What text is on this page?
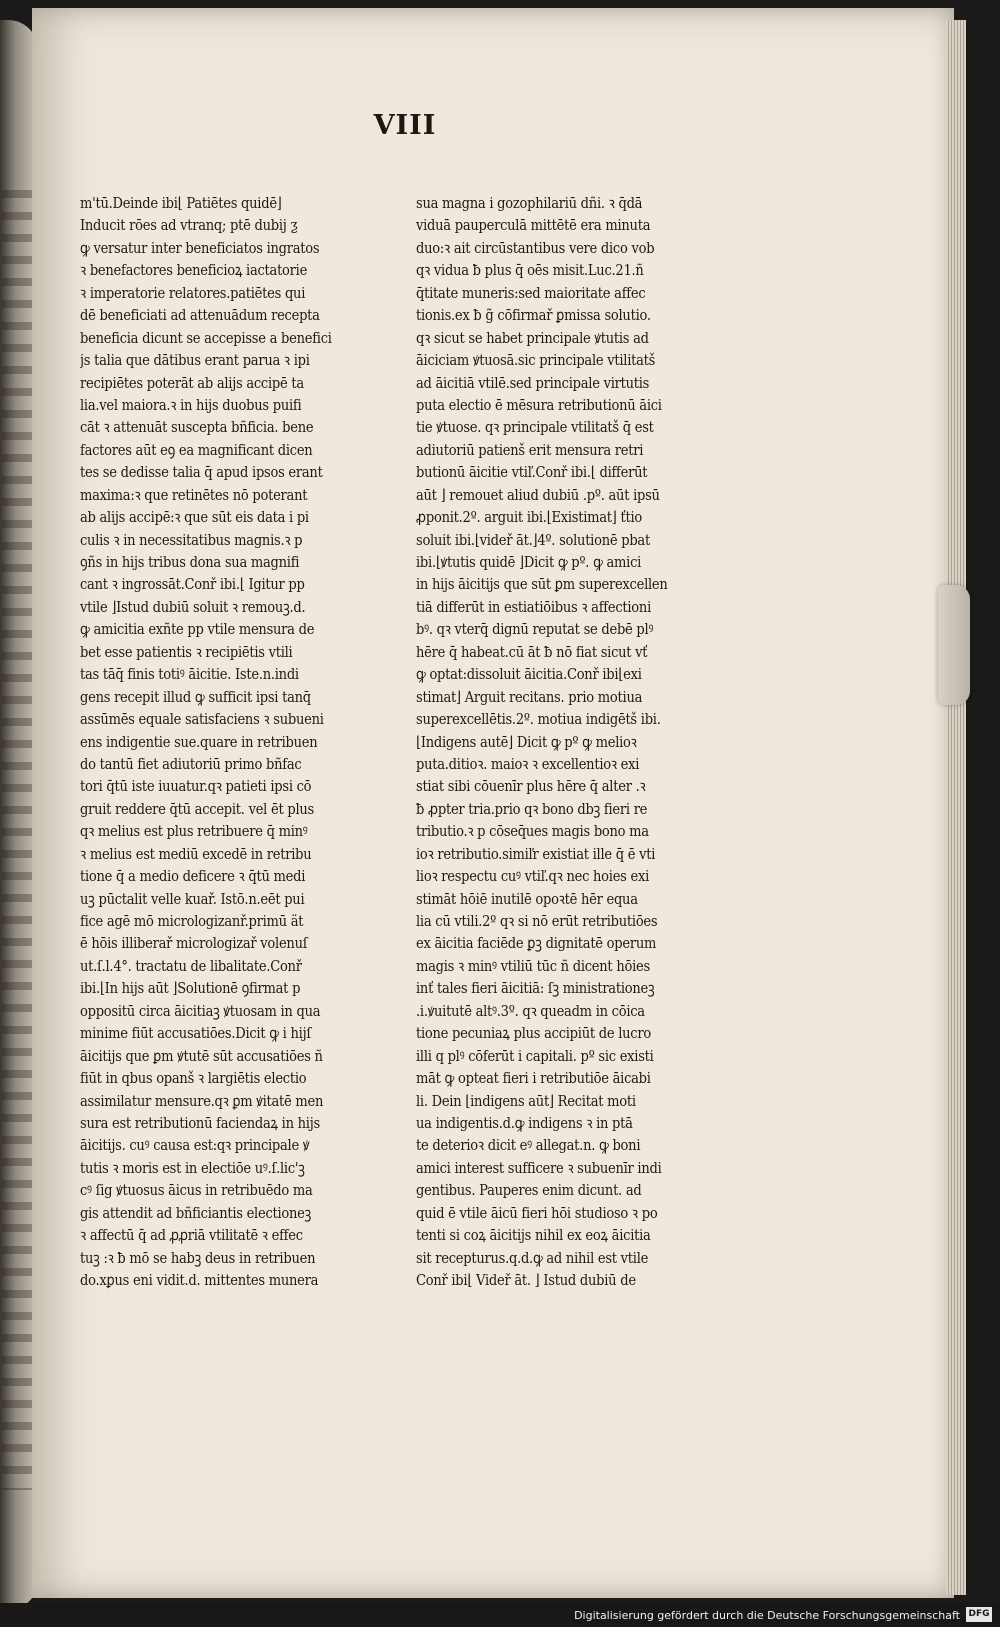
VIII
m'tū.Deinde ibi⌊ Patiētes quidē⌋
Inducit rōes ad vtranq; ptē dubij ƺ
ꝙ versatur inter beneficiatos ingratos
ꝛ benefactores beneficioꝝ iactatorie
ꝛ imperatorie relatores.patiētes qui
dē beneficiati ad attenuādum recepta
beneficia dicunt se accepisse a benefici
js talia que dātibus erant parua ꝛ ipi
recipiētes poterāt ab alijs accipē ta
lia.vel maiora.ꝛ in hijs duobus puifi
cāt ꝛ attenuāt suscepta bñficia. bene
factores aūt eꝯ ea magnificant dicen
tes se dedisse talia q̄ apud ipsos erant
maxima:ꝛ que retinētes nō poterant
ab alijs accipē:ꝛ que sūt eis data i pi
culis ꝛ in necessitatibus magnis.ꝛ p
ꝯñs in hijs tribus dona sua magnifi
cant ꝛ ingrossāt.Conř ibi.⌊ Igitur pp
vtile ⌋Istud dubiū soluit ꝛ remouꝫ.d.
ꝙ amicitia exñte pp vtile mensura de
bet esse patientis ꝛ recipiētis vtili
tas tāq̄ finis totiꝰ āicitie. Iste.n.indi
gens recepit illud ꝙ sufficit ipsi tanq̄
assūmēs equale satisfaciens ꝛ subueni
ens indigentie sue.quare in retribuen
do tantū fiet adiutoriū primo bñfac
tori q̄tū iste iuuatur.qꝛ patieti ipsi cō
gruit reddere q̄tū accepit. vel ēt plus
qꝛ melius est plus retribuere q̄ minꝰ
ꝛ melius est mediū excedē in retribu
tione q̄ a medio deficere ꝛ q̄tū medi
uꝫ pūctalit velle kuař. Istō.n.eēt pui
fice agē mō micrologizanř.primū ät
ē hōis illiberař micrologizař volenuſ
ut.ſ.l.4°. tractatu de libalitate.Conř
ibi.⌊In hijs aūt ⌋Solutionē ꝯfirmat p
oppositū circa āicitiaꝫ ꝟtuosam in qua
minime fiūt accusatiōes.Dicit ꝙ i hijſ
āicitijs que ꝑm ꝟtutē sūt accusatiōes ñ
fiūt in qbus opanš ꝛ largiētis electio
assimilatur mensure.qꝛ ꝑm ꝟitatē men
sura est retributionū faciendaꝝ in hijs
āicitijs. cuꝰ causa est:qꝛ principale ꝟ
tutis ꝛ moris est in electiōe uꝰ.ſ.lic'ꝫ
cꝰ ſig ꝟtuosus āicus in retribuēdo ma
gis attendit ad bñficiantis electioneꝫ
ꝛ affectū q̄ ad ꝓꝓriā vtilitatē ꝛ effec
tuꝫ :ꝛ ƀ mō se habꝫ deus in retribuen
do.xꝑus eni vidit.d. mittentes munera
sua magna i gozophilariū dñi. ꝛ q̄dā
viduā pauperculā mittētē era minuta
duo:ꝛ ait circūstantibus vere dico vob
qꝛ vidua ƀ plus q̄ oēs misit.Luc.21.ñ
q̄titate muneris:sed maioritate affec
tionis.ex ƀ g̃ cōfirmař ꝑmissa solutio.
qꝛ sicut se habet principale ꝟtutis ad
āiciciam ꝟtuosā.sic principale vtilitatš
ad āicitiā vtilē.sed principale virtutis
puta electio ē mēsura retributionū āici
tie ꝟtuose. qꝛ principale vtilitatš q̄ est
adiutoriū patienš erit mensura retri
butionū āicitie vtiľ.Conř ibi.⌊ differūt
aūt ⌋ remouet aliud dubiū .pº. aūt ipsū
ꝓponit.2º. arguit ibi.⌊Existimat⌋ ťtio
soluit ibi.⌊videř āt.⌋4º. solutionē pbat
ibi.⌊ꝟtutis quidē ⌋Dicit ꝙ pº. ꝙ amici
in hijs āicitijs que sūt ꝑm superexcellen
tiā differūt in estiatiōibus ꝛ affectioni
bꝰ. qꝛ vterq̄ dignū reputat se debē plꝰ
hēre q̄ habeat.cū āt ƀ nō fiat sicut vť
ꝙ optat:dissoluit āicitia.Conř ibi⌊exi
stimat⌋ Arguit recitans. prio motiua
superexcellētis.2º. motiua indigētš ibi.
⌊Indigens autē⌋ Dicit ꝙ pº ꝙ melioꝛ
puta.ditioꝛ. maioꝛ ꝛ excellentioꝛ exi
stiat sibi cōuenīr plus hēre q̄ alter .ꝛ
ƀ ꝓpter tria.prio qꝛ bono dbꝫ fieri re
tributio.ꝛ p cōseq̄ues magis bono ma
ioꝛ retributio.simiľr existiat ille q̄ ē vti
lioꝛ respectu cuꝰ vtiľ.qꝛ nec hoies exi
stimāt hōiē inutilē opoꝛtē hēr equa
lia cū vtili.2º qꝛ si nō erūt retributiōes
ex āicitia faciēde ꝑꝫ dignitatē operum
magis ꝛ minꝰ vtiliū tūc ñ dicent hōies
inť tales fieri āicitiā: ſꝫ ministrationeꝫ
.i.ꝟuitutē altꝰ.3º. qꝛ queadm in cōica
tione pecuniaꝝ plus accipiūt de lucro
illi q plꝰ cōferūt i capitali. pº sic existi
māt ꝙ opteat fieri i retributiōe āicabi
li. Dein ⌊indigens aūt⌋ Recitat moti
ua indigentis.d.ꝙ indigens ꝛ in ptā
te deterioꝛ dicit eꝰ allegat.n. ꝙ boni
amici interest sufficere ꝛ subuenīr indi
gentibus. Pauperes enim dicunt. ad
quid ē vtile āicū fieri hōi studioso ꝛ po
tenti si coꝝ āicitijs nihil ex eoꝝ āicitia
sit recepturus.q.d.ꝙ ad nihil est vtile
Conř ibi⌊ Videř āt. ⌋ Istud dubiū de
Digitalisierung gefördert durch die Deutsche Forschungsgemeinschaft DFG
